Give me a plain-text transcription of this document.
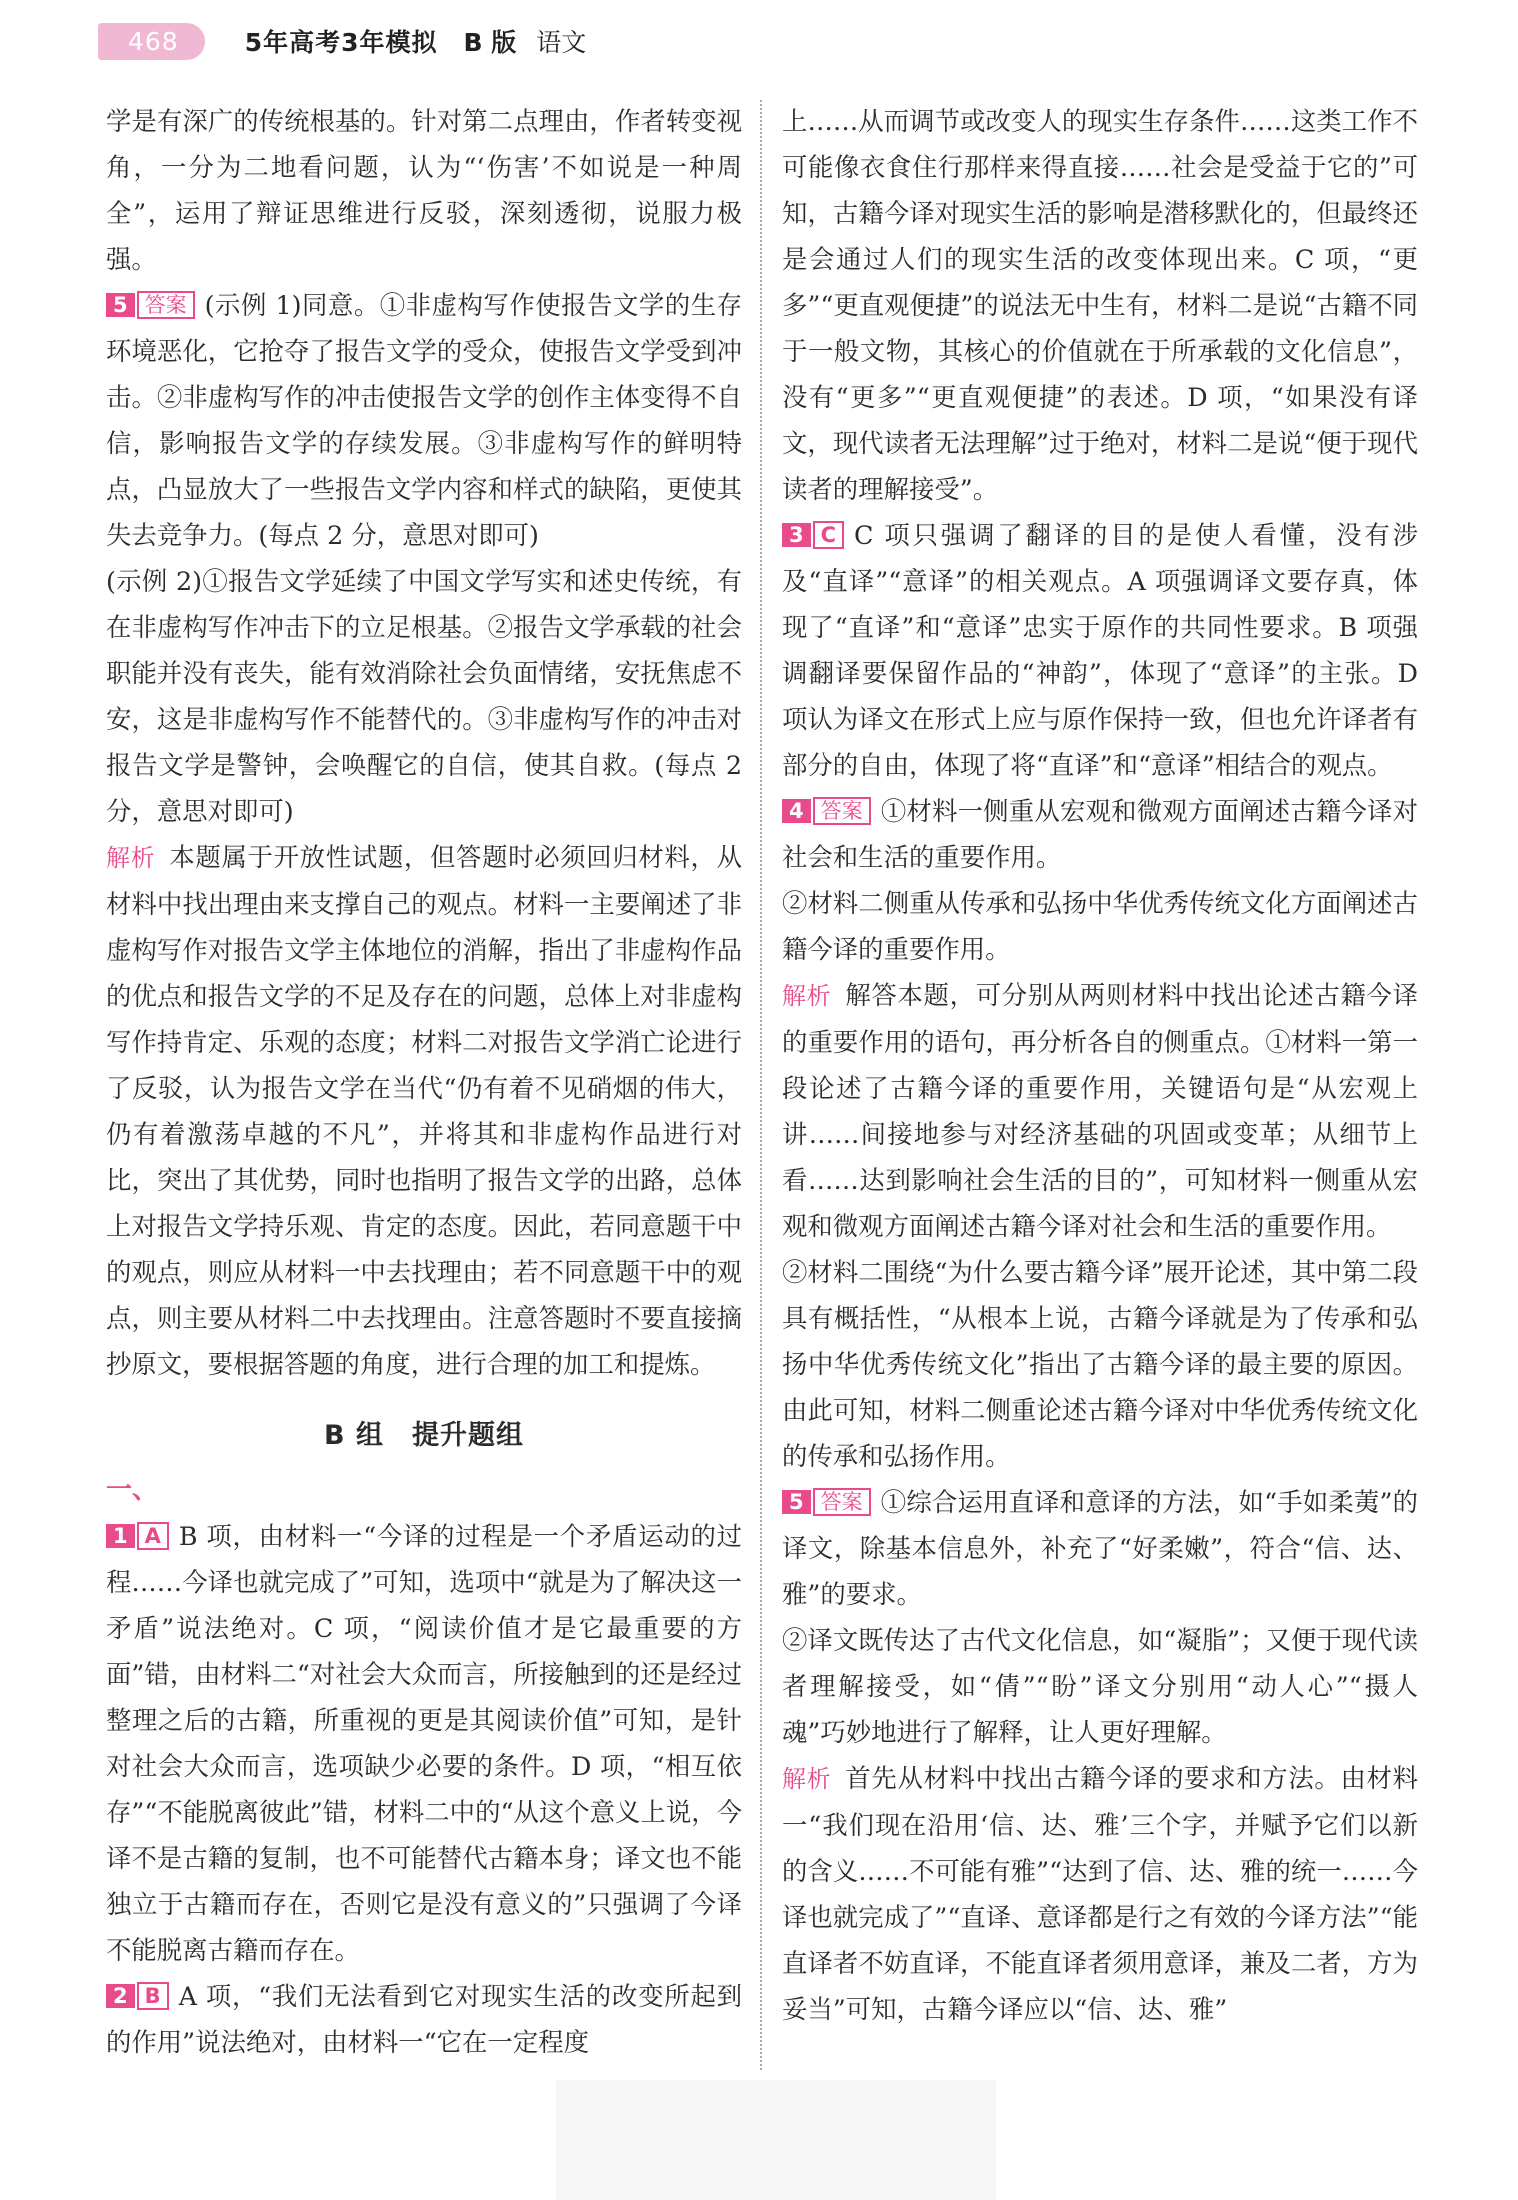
468	5年高考3年模拟 B 版 语文

学是有深广的传统根基的。针对第二点理由，作者转变视角，一分为二地看问题，认为“‘伤害’不如说是一种周全”，运用了辩证思维进行反驳，深刻透彻，说服力极强。

5 答案 (示例 1)同意。①非虚构写作使报告文学的生存环境恶化，它抢夺了报告文学的受众，使报告文学受到冲击。②非虚构写作的冲击使报告文学的创作主体变得不自信，影响报告文学的存续发展。③非虚构写作的鲜明特点，凸显放大了一些报告文学内容和样式的缺陷，更使其失去竞争力。(每点 2 分，意思对即可)

(示例 2)①报告文学延续了中国文学写实和述史传统，有在非虚构写作冲击下的立足根基。②报告文学承载的社会职能并没有丧失，能有效消除社会负面情绪，安抚焦虑不安，这是非虚构写作不能替代的。③非虚构写作的冲击对报告文学是警钟，会唤醒它的自信，使其自救。(每点 2 分，意思对即可)

解析 本题属于开放性试题，但答题时必须回归材料，从材料中找出理由来支撑自己的观点。材料一主要阐述了非虚构写作对报告文学主体地位的消解，指出了非虚构作品的优点和报告文学的不足及存在的问题，总体上对非虚构写作持肯定、乐观的态度；材料二对报告文学消亡论进行了反驳，认为报告文学在当代“仍有着不见硝烟的伟大，仍有着激荡卓越的不凡”，并将其和非虚构作品进行对比，突出了其优势，同时也指明了报告文学的出路，总体上对报告文学持乐观、肯定的态度。因此，若同意题干中的观点，则应从材料一中去找理由；若不同意题干中的观点，则主要从材料二中去找理由。注意答题时不要直接摘抄原文，要根据答题的角度，进行合理的加工和提炼。

B 组　提升题组

一、

1 A B 项，由材料一“今译的过程是一个矛盾运动的过程……今译也就完成了”可知，选项中“就是为了解决这一矛盾”说法绝对。C 项，“阅读价值才是它最重要的方面”错，由材料二“对社会大众而言，所接触到的还是经过整理之后的古籍，所重视的更是其阅读价值”可知，是针对社会大众而言，选项缺少必要的条件。D 项，“相互依存”“不能脱离彼此”错，材料二中的“从这个意义上说，今译不是古籍的复制，也不可能替代古籍本身；译文也不能独立于古籍而存在，否则它是没有意义的”只强调了今译不能脱离古籍而存在。

2 B A 项，“我们无法看到它对现实生活的改变所起到的作用”说法绝对，由材料一“它在一定程度

上……从而调节或改变人的现实生存条件……这类工作不可能像衣食住行那样来得直接……社会是受益于它的”可知，古籍今译对现实生活的影响是潜移默化的，但最终还是会通过人们的现实生活的改变体现出来。C 项，“更多”“更直观便捷”的说法无中生有，材料二是说“古籍不同于一般文物，其核心的价值就在于所承载的文化信息”，没有“更多”“更直观便捷”的表述。D 项，“如果没有译文，现代读者无法理解”过于绝对，材料二是说“便于现代读者的理解接受”。

3 C C 项只强调了翻译的目的是使人看懂，没有涉及“直译”“意译”的相关观点。A 项强调译文要存真，体现了“直译”和“意译”忠实于原作的共同性要求。B 项强调翻译要保留作品的“神韵”，体现了“意译”的主张。D 项认为译文在形式上应与原作保持一致，但也允许译者有部分的自由，体现了将“直译”和“意译”相结合的观点。

4 答案 ①材料一侧重从宏观和微观方面阐述古籍今译对社会和生活的重要作用。

②材料二侧重从传承和弘扬中华优秀传统文化方面阐述古籍今译的重要作用。

解析 解答本题，可分别从两则材料中找出论述古籍今译的重要作用的语句，再分析各自的侧重点。①材料一第一段论述了古籍今译的重要作用，关键语句是“从宏观上讲……间接地参与对经济基础的巩固或变革；从细节上看……达到影响社会生活的目的”，可知材料一侧重从宏观和微观方面阐述古籍今译对社会和生活的重要作用。

②材料二围绕“为什么要古籍今译”展开论述，其中第二段具有概括性，“从根本上说，古籍今译就是为了传承和弘扬中华优秀传统文化”指出了古籍今译的最主要的原因。由此可知，材料二侧重论述古籍今译对中华优秀传统文化的传承和弘扬作用。

5 答案 ①综合运用直译和意译的方法，如“手如柔荑”的译文，除基本信息外，补充了“好柔嫩”，符合“信、达、雅”的要求。

②译文既传达了古代文化信息，如“凝脂”；又便于现代读者理解接受，如“倩”“盼”译文分别用“动人心”“摄人魂”巧妙地进行了解释，让人更好理解。

解析 首先从材料中找出古籍今译的要求和方法。由材料一“我们现在沿用‘信、达、雅’三个字，并赋予它们以新的含义……不可能有雅”“达到了信、达、雅的统一……今译也就完成了”“直译、意译都是行之有效的今译方法”“能直译者不妨直译，不能直译者须用意译，兼及二者，方为妥当”可知，古籍今译应以“信、达、雅”
